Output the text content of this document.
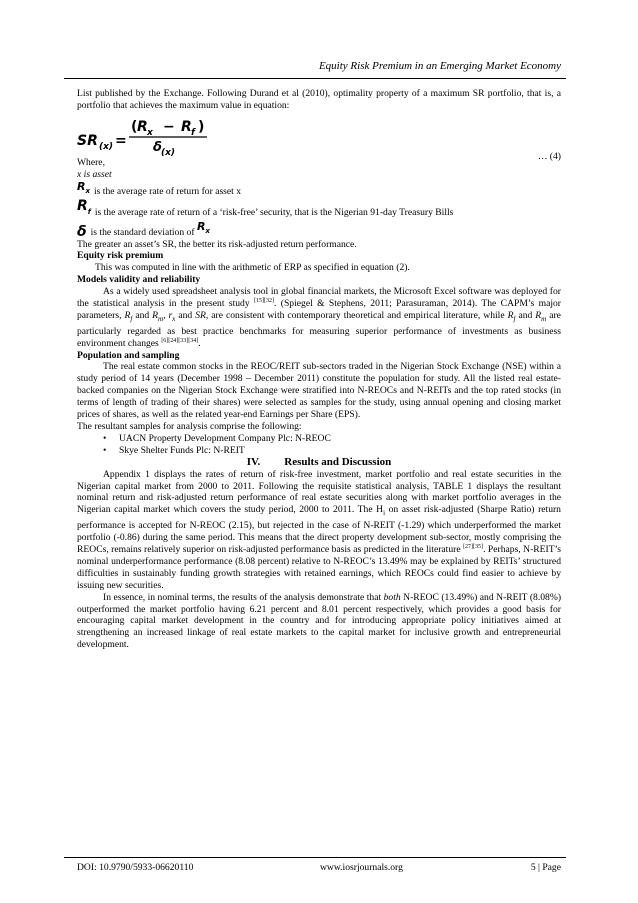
Equity Risk Premium in an Emerging Market Economy

List published by the Exchange. Following Durand et al (2010), optimality property of a maximum SR portfolio, that is, a portfolio that achieves the maximum value in equation:

SR (x) =
( R x − R f )
δ (x)	… (4)

Where,

x is asset

$R_x$ is the average rate of return for asset x

$R_f$ is the average rate of return of a ‘risk-free’ security, that is the Nigerian 91-day Treasury Bills

δ is the standard deviation of
$R_x$

The greater an asset’s SR, the better its risk-adjusted return performance.

Equity risk premium

This was computed in line with the arithmetic of ERP as specified in equation (2).

Models validity and reliability

As a widely used spreadsheet analysis tool in global financial markets, the Microsoft Excel software was deployed for the statistical analysis in the present study [15][32]. (Spiegel & Stephens, 2011; Parasuraman, 2014). The CAPM’s major parameters, $R_f$ and $R_m$, $r_x$ and SR, are consistent with contemporary theoretical and empirical literature, while $R_f$ and $R_m$ are particularly regarded as best practice benchmarks for measuring superior performance of investments as business environment changes [6][24][33][34].

Population and sampling

The real estate common stocks in the REOC/REIT sub-sectors traded in the Nigerian Stock Exchange (NSE) within a study period of 14 years (December 1998 – December 2011) constitute the population for study. All the listed real estate-backed companies on the Nigerian Stock Exchange were stratified into N-REOCs and N-REITs and the top rated stocks (in terms of length of trading of their shares) were selected as samples for the study, using annual opening and closing market prices of shares, as well as the related year-end Earnings per Share (EPS).

The resultant samples for analysis comprise the following:

• UACN Property Development Company Plc: N-REOC
• Skye Shelter Funds Plc: N-REIT

IV. Results and Discussion

Appendix 1 displays the rates of return of risk-free investment, market portfolio and real estate securities in the Nigerian capital market from 2000 to 2011. Following the requisite statistical analysis, TABLE 1 displays the resultant nominal return and risk-adjusted return performance of real estate securities along with market portfolio averages in the Nigerian capital market which covers the study period, 2000 to 2011. The $H_i$ on asset risk-adjusted (Sharpe Ratio) return performance is accepted for N-REOC (2.15), but rejected in the case of N-REIT (-1.29) which underperformed the market portfolio (-0.86) during the same period. This means that the direct property development sub-sector, mostly comprising the REOCs, remains relatively superior on risk-adjusted performance basis as predicted in the literature [27][35]. Perhaps, N-REIT’s nominal underperformance performance (8.08 percent) relative to N-REOC’s 13.49% may be explained by REITs’ structured difficulties in sustainably funding growth strategies with retained earnings, which REOCs could find easier to achieve by issuing new securities.

In essence, in nominal terms, the results of the analysis demonstrate that both N-REOC (13.49%) and N-REIT (8.08%) outperformed the market portfolio having 6.21 percent and 8.01 percent respectively, which provides a good basis for encouraging capital market development in the country and for introducing appropriate policy initiatives aimed at strengthening an increased linkage of real estate markets to the capital market for inclusive growth and entrepreneurial development.

DOI: 10.9790/5933-06620110	www.iosrjournals.org	5 | Page
